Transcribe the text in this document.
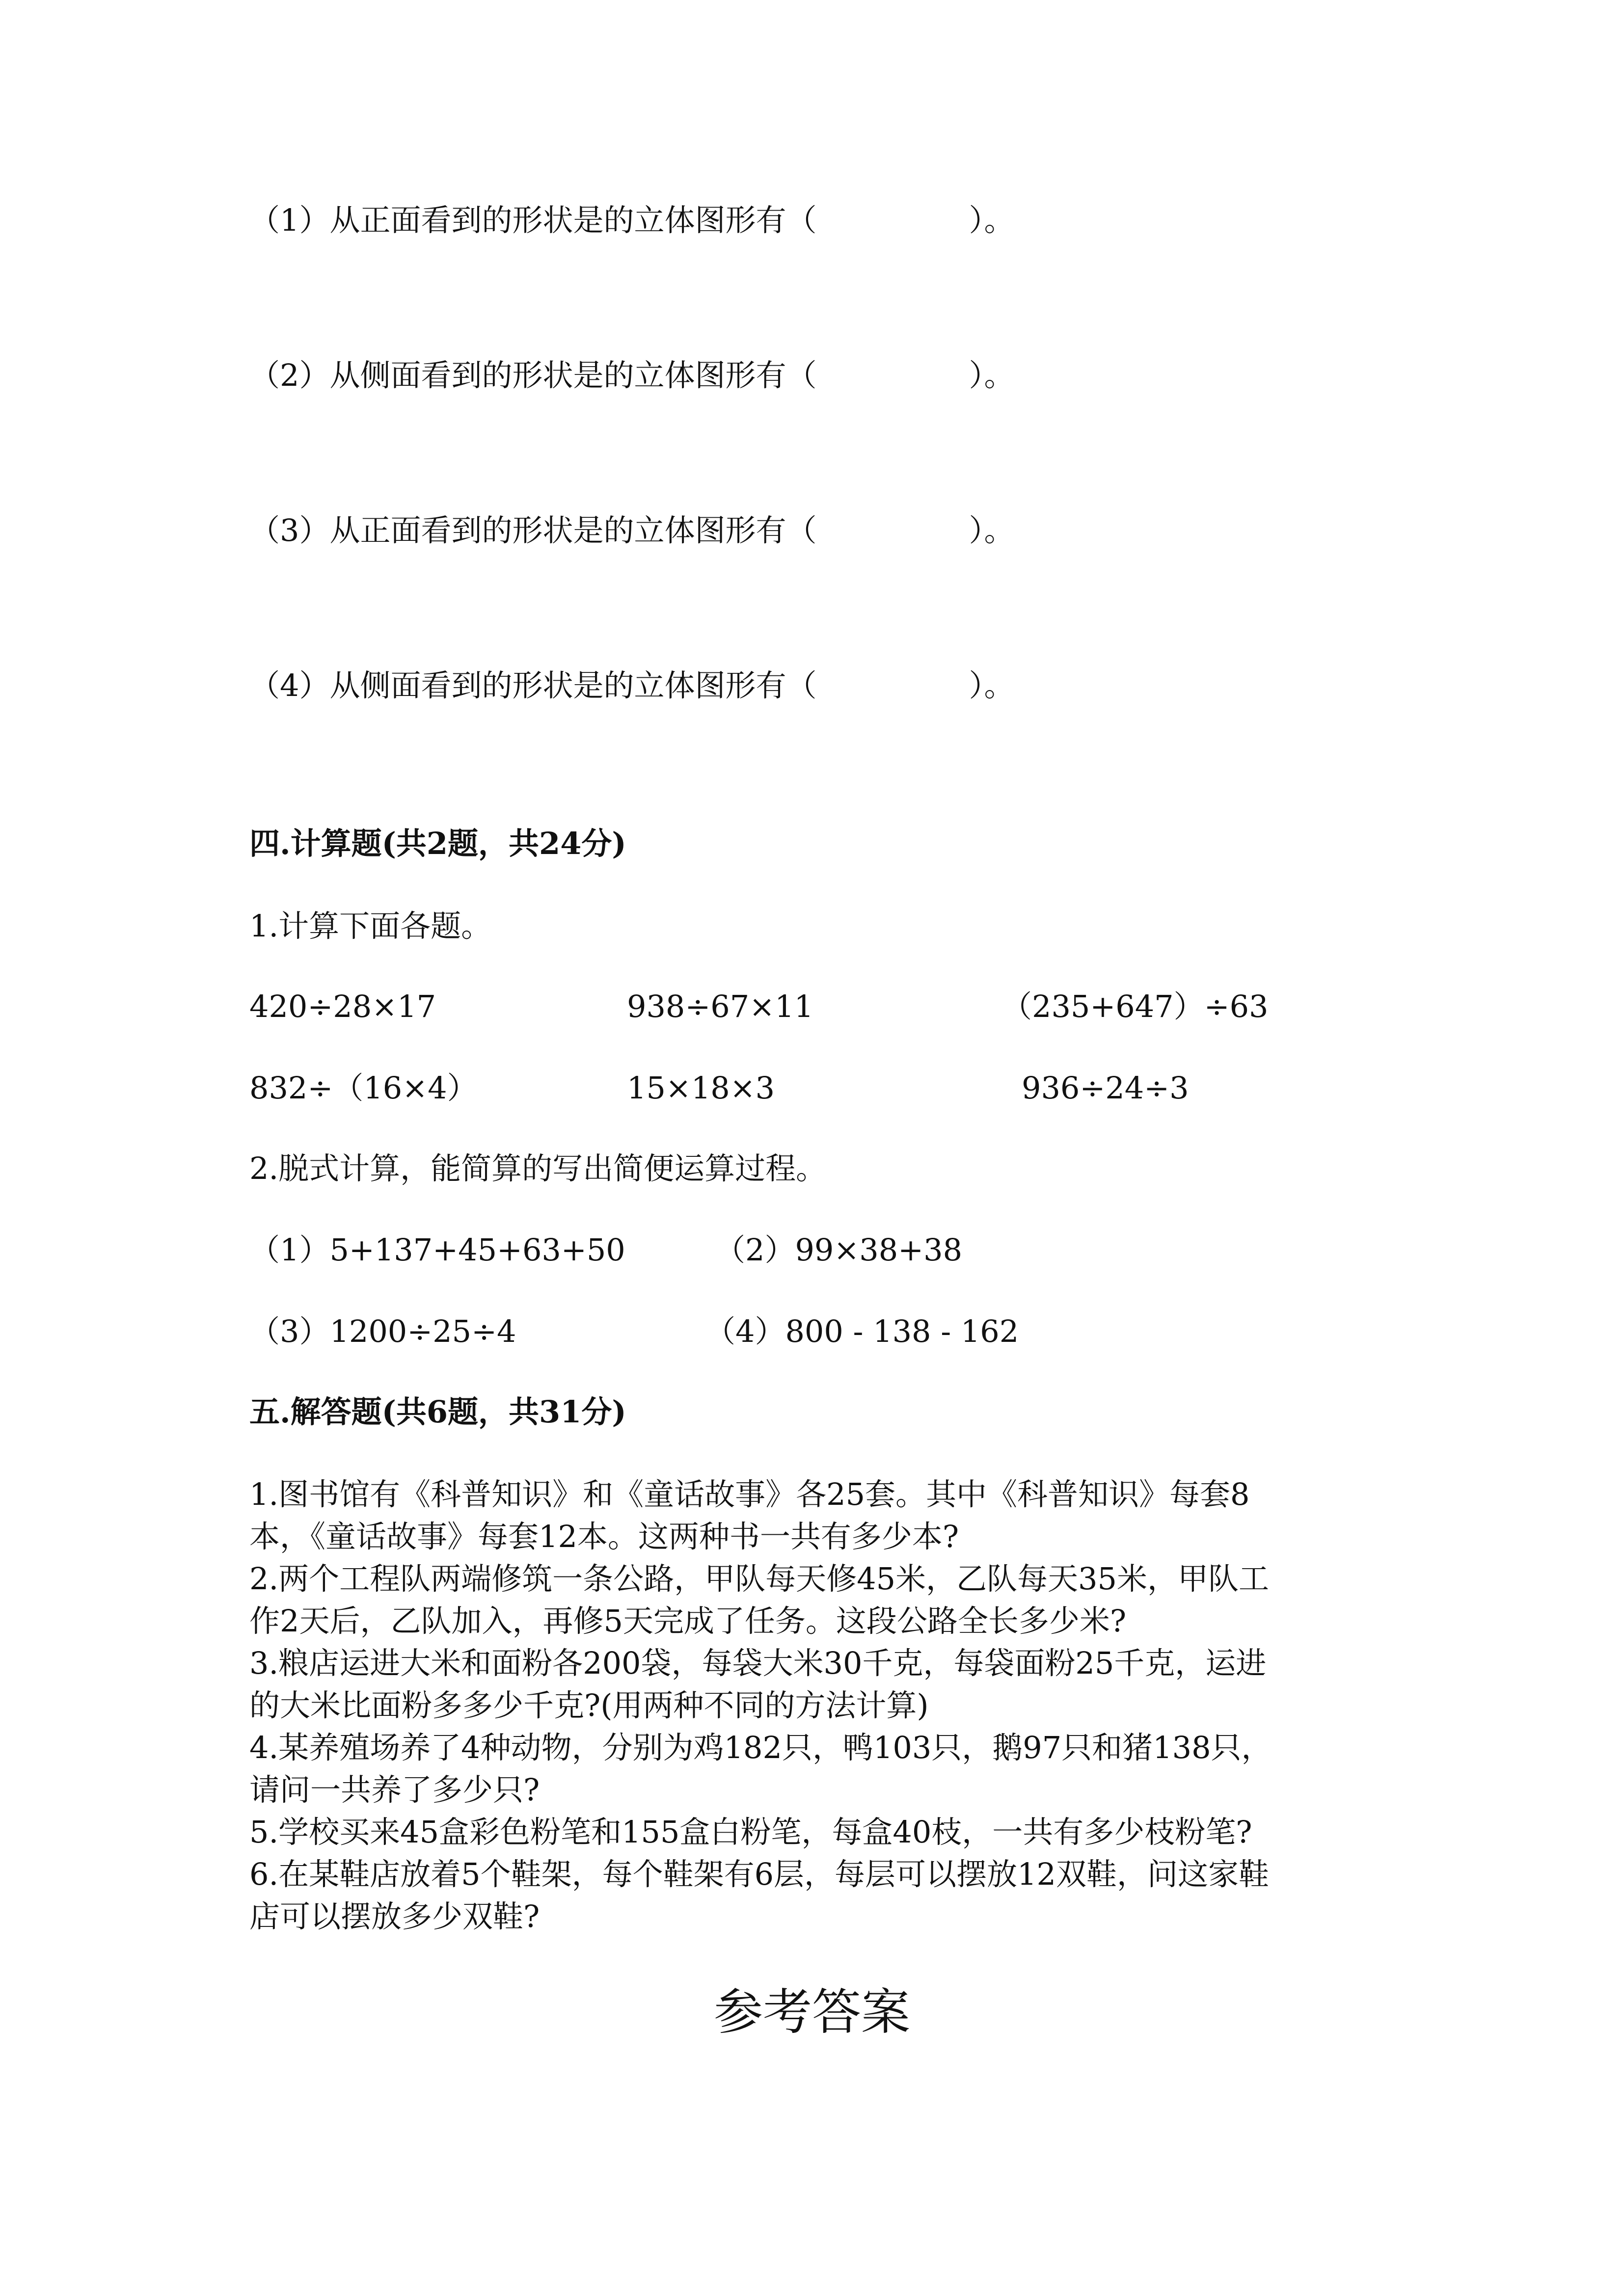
（1）从正面看到的形状是的立体图形有（　　　　　）。
（2）从侧面看到的形状是的立体图形有（　　　　　）。
（3）从正面看到的形状是的立体图形有（　　　　　）。
（4）从侧面看到的形状是的立体图形有（　　　　　）。
四.计算题(共2题，共24分)
1.计算下面各题。
420÷28×17	938÷67×11	（235+647）÷63
832÷（16×4）	15×18×3	936÷24÷3
2.脱式计算，能简算的写出简便运算过程。
（1）5+137+45+63+50	（2）99×38+38
（3）1200÷25÷4	（4）800 - 138 - 162
五.解答题(共6题，共31分)
1.图书馆有《科普知识》和《童话故事》各25套。其中《科普知识》每套8
本，《童话故事》每套12本。这两种书一共有多少本?
2.两个工程队两端修筑一条公路，甲队每天修45米，乙队每天35米，甲队工
作2天后，乙队加入，再修5天完成了任务。这段公路全长多少米?
3.粮店运进大米和面粉各200袋，每袋大米30千克，每袋面粉25千克，运进
的大米比面粉多多少千克?(用两种不同的方法计算)
4.某养殖场养了4种动物，分别为鸡182只，鸭103只，鹅97只和猪138只，
请问一共养了多少只?
5.学校买来45盒彩色粉笔和155盒白粉笔，每盒40枝，一共有多少枝粉笔?
6.在某鞋店放着5个鞋架，每个鞋架有6层，每层可以摆放12双鞋，问这家鞋
店可以摆放多少双鞋?
参考答案
